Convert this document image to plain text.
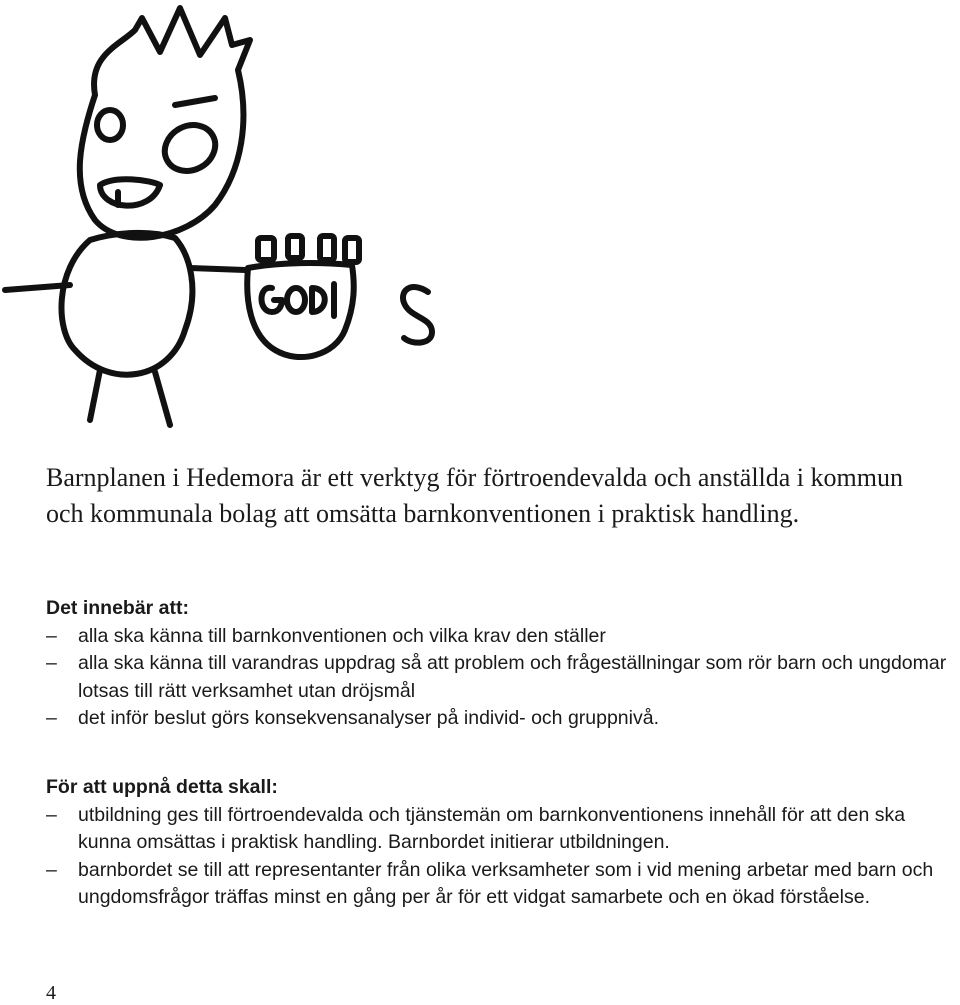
Barnplanen i Hedemora är ett verktyg för förtroendevalda och anställda i kommun och kommunala bolag att omsätta barnkonventionen i praktisk handling.

Det innebär att:
– alla ska känna till barnkonventionen och vilka krav den ställer
– alla ska känna till varandras uppdrag så att problem och frågeställningar som rör barn och ungdomar lotsas till rätt verksamhet utan dröjsmål
– det inför beslut görs konsekvensanalyser på individ- och gruppnivå.
För att uppnå detta skall:
– utbildning ges till förtroendevalda och tjänstemän om barnkonventionens innehåll för att den ska kunna omsättas i praktisk handling. Barnbordet initierar utbildningen.
– barnbordet se till att representanter från olika verksamheter som i vid mening arbetar med barn och ungdomsfrågor träffas minst en gång per år för ett vidgat samarbete och en ökad förståelse.
4
